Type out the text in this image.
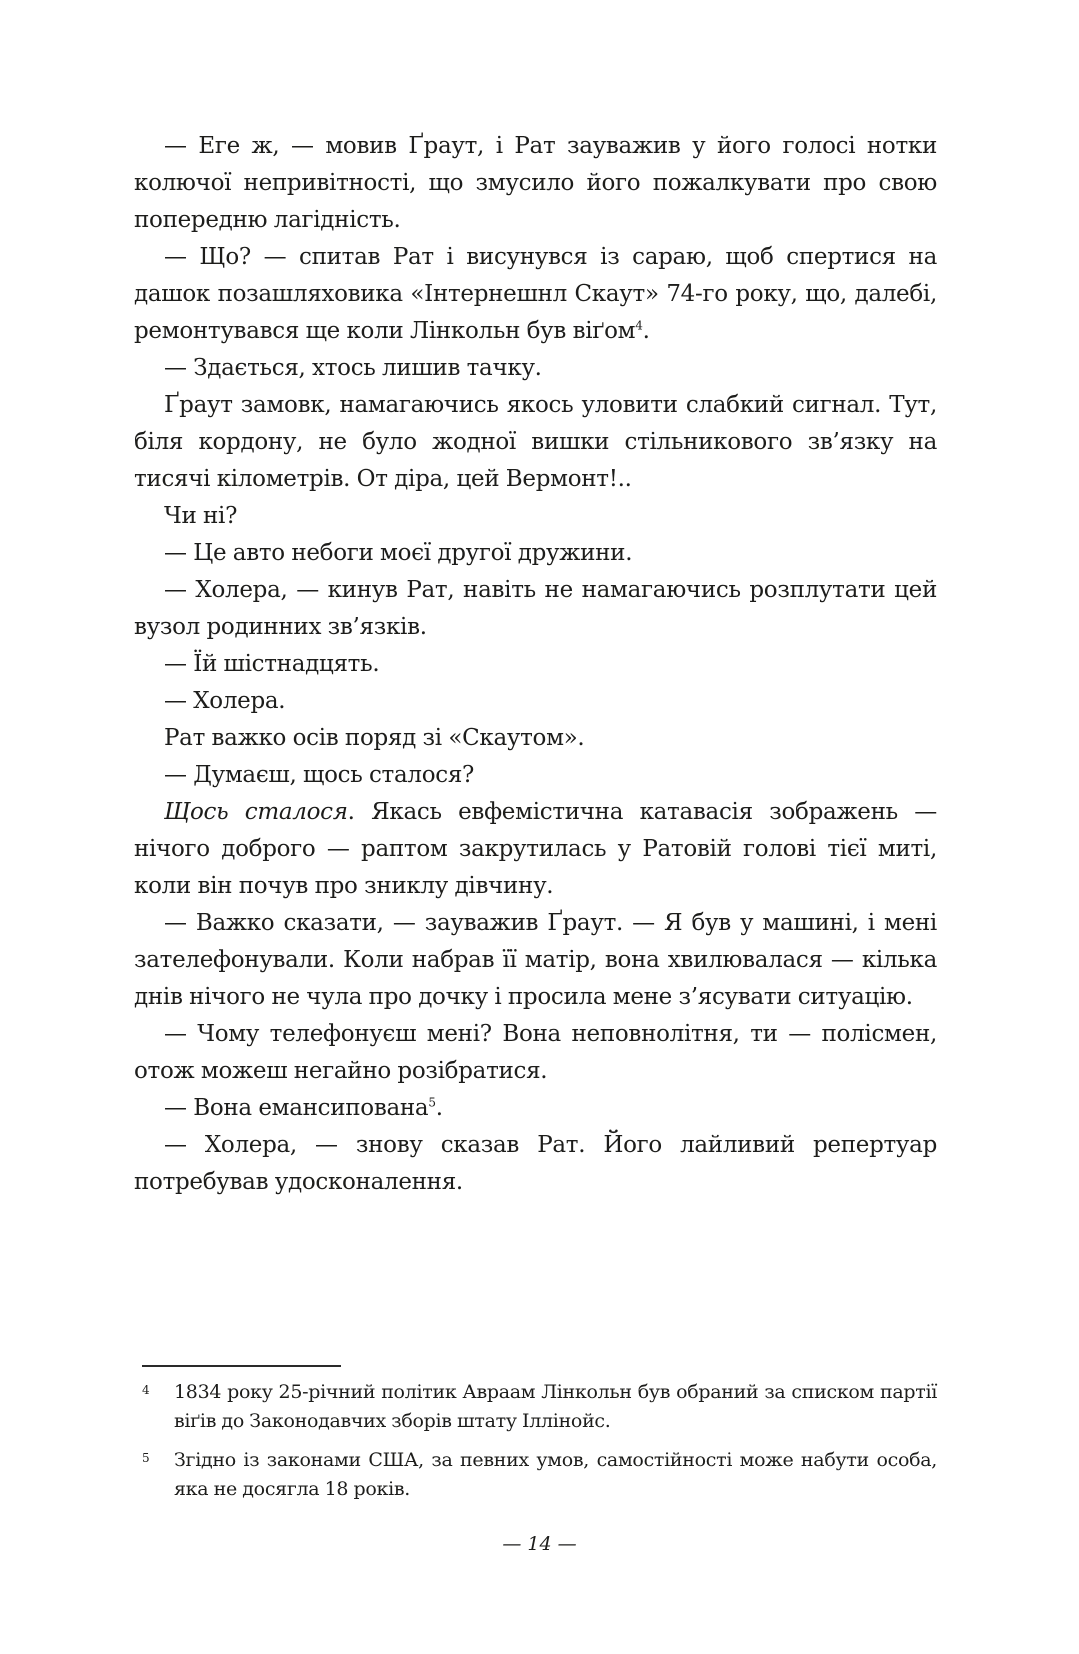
— Еге ж, — мовив Ґраут, і Рат зауважив у його голосі нотки колючої непривітності, що змусило його пожалкувати про свою попередню лагідність.

— Що? — спитав Рат і висунувся із сараю, щоб спертися на дашок позашляховика «Інтернешнл Скаут» 74-го року, що, далебі, ремонтувався ще коли Лінкольн був віґом$^4$.

— Здається, хтось лишив тачку.

Ґраут замовк, намагаючись якось уловити слабкий сигнал. Тут, біля кордону, не було жодної вишки стільникового зв’язку на тисячі кілометрів. От діра, цей Вермонт!..

Чи ні?

— Це авто небоги моєї другої дружини.

— Холера, — кинув Рат, навіть не намагаючись розплутати цей вузол родинних зв’язків.

— Їй шістнадцять.

— Холера.

Рат важко осів поряд зі «Скаутом».

— Думаєш, щось сталося?

Щось сталося. Якась евфемістична катавасія зображень — нічого доброго — раптом закрутилась у Ратовій голові тієї миті, коли він почув про зниклу дівчину.

— Важко сказати, — зауважив Ґраут. — Я був у машині, і мені зателефонували. Коли набрав її матір, вона хвилювалася — кілька днів нічого не чула про дочку і просила мене з’ясувати ситуацію.

— Чому телефонуєш мені? Вона неповнолітня, ти — полісмен, отож можеш негайно розібратися.

— Вона емансипована$^5$.

— Холера, — знову сказав Рат. Його лайливий репертуар потребував удосконалення.

4	1834 року 25-річний політик Авраам Лінкольн був обраний за списком партії віґів до Законодавчих зборів штату Іллінойс.
5	Згідно із законами США, за певних умов, самостійності може набути особа, яка не досягла 18 років.
— 14 —
